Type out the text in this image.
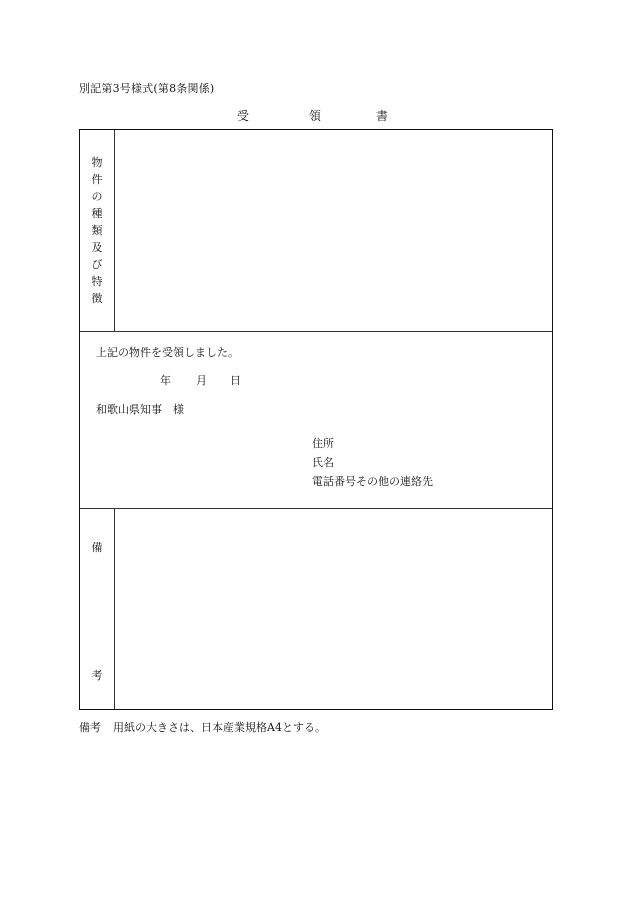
別記第3号様式(第8条関係)
受	領	書
物
件
の
種
類
及
び
特
徴
上記の物件を受領しました。
年 月 日
和歌山県知事　様
住所
氏名
電話番号その他の連絡先
備
考
備考 用紙の大きさは、日本産業規格A4とする。
